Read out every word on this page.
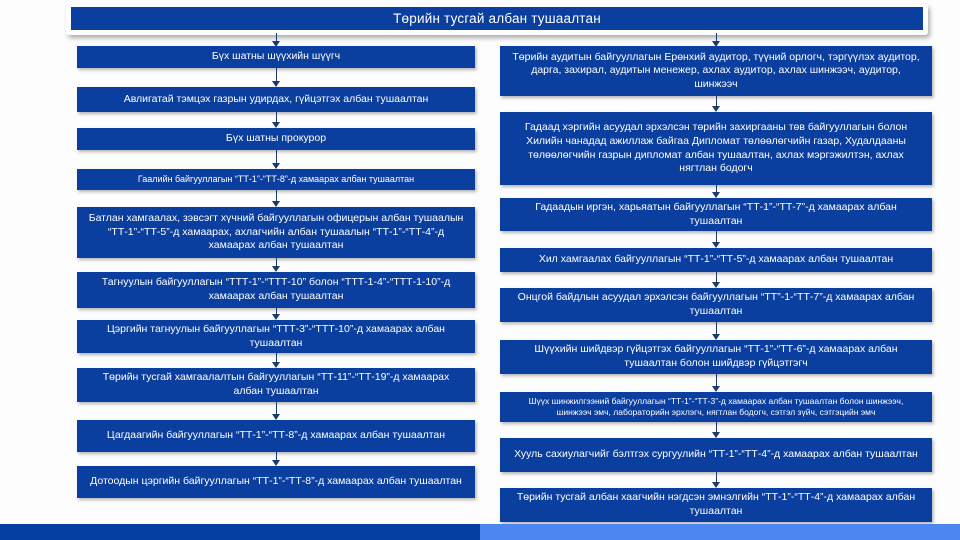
Төрийн тусгай албан тушаалтан
Бүх шатны шүүхийн шүүгч
Авлигатай тэмцэх газрын удирдах, гүйцэтгэх албан тушаалтан
Бүх шатны прокурор
Гаалийн байгууллагын “ТТ-1”-“ТТ-8”-д хамаарах албан тушаалтан
Батлан хамгаалах, зэвсэгт хүчний байгууллагын офицерын албан тушаалын “ТТ-1”-“ТТ-5”-д хамаарах, ахлагчийн албан тушаалын “ТТ-1”-“ТТ-4”-д хамаарах албан тушаалтан
Тагнуулын байгууллагын “ТТТ-1”-“ТТТ-10” болон “ТТТ-1-4”-“ТТТ-1-10”-д хамаарах албан тушаалтан
Цэргийн тагнуулын байгууллагын “ТТТ-3”-“ТТТ-10”-д хамаарах албан тушаалтан
Төрийн тусгай хамгаалалтын байгууллагын “ТТ-11”-“ТТ-19”-д хамаарах албан тушаалтан
Цагдаагийн байгууллагын “ТТ-1”-“ТТ-8”-д хамаарах албан тушаалтан
Дотоодын цэргийн байгууллагын “ТТ-1”-“ТТ-8”-д хамаарах албан тушаалтан
Төрийн аудитын байгууллагын Ерөнхий аудитор, түүний орлогч, тэргүүлэх аудитор, дарга, захирал, аудитын менежер, ахлах аудитор, ахлах шинжээч, аудитор, шинжээч
Гадаад хэргийн асуудал эрхэлсэн төрийн захиргааны төв байгууллагын болон Хилийн чанадад ажиллаж байгаа Дипломат төлөөлөгчийн газар, Худалдааны төлөөлөгчийн газрын дипломат албан тушаалтан, ахлах мэргэжилтэн, ахлах нягтлан бодогч
Гадаадын иргэн, харьяатын байгууллагын “ТТ-1”-“ТТ-7”-д хамаарах албан тушаалтан
Хил хамгаалах байгууллагын “ТТ-1”-“ТТ-5”-д хамаарах албан тушаалтан
Онцгой байдлын асуудал эрхэлсэн байгууллагын “ТТ”-1-“ТТ-7”-д хамаарах албан тушаалтан
Шүүхийн шийдвэр гүйцэтгэх байгууллагын “ТТ-1”-“ТТ-6”-д хамаарах албан тушаалтан болон шийдвэр гүйцэтгэгч
Шүүх шинжилгээний байгууллагын “ТТ-1”-“ТТ-3”-д хамаарах албан тушаалтан болон шинжээч, шинжээч эмч, лабораторийн эрхлэгч, нягтлан бодогч, сэтгэл зүйч, сэтгэцийн эмч
Хууль сахиулагчийг бэлтгэх сургуулийн “ТТ-1”-“ТТ-4”-д хамаарах албан тушаалтан
Төрийн тусгай албан хаагчийн нэгдсэн эмнэлгийн “ТТ-1”-“ТТ-4”-д хамаарах албан тушаалтан
